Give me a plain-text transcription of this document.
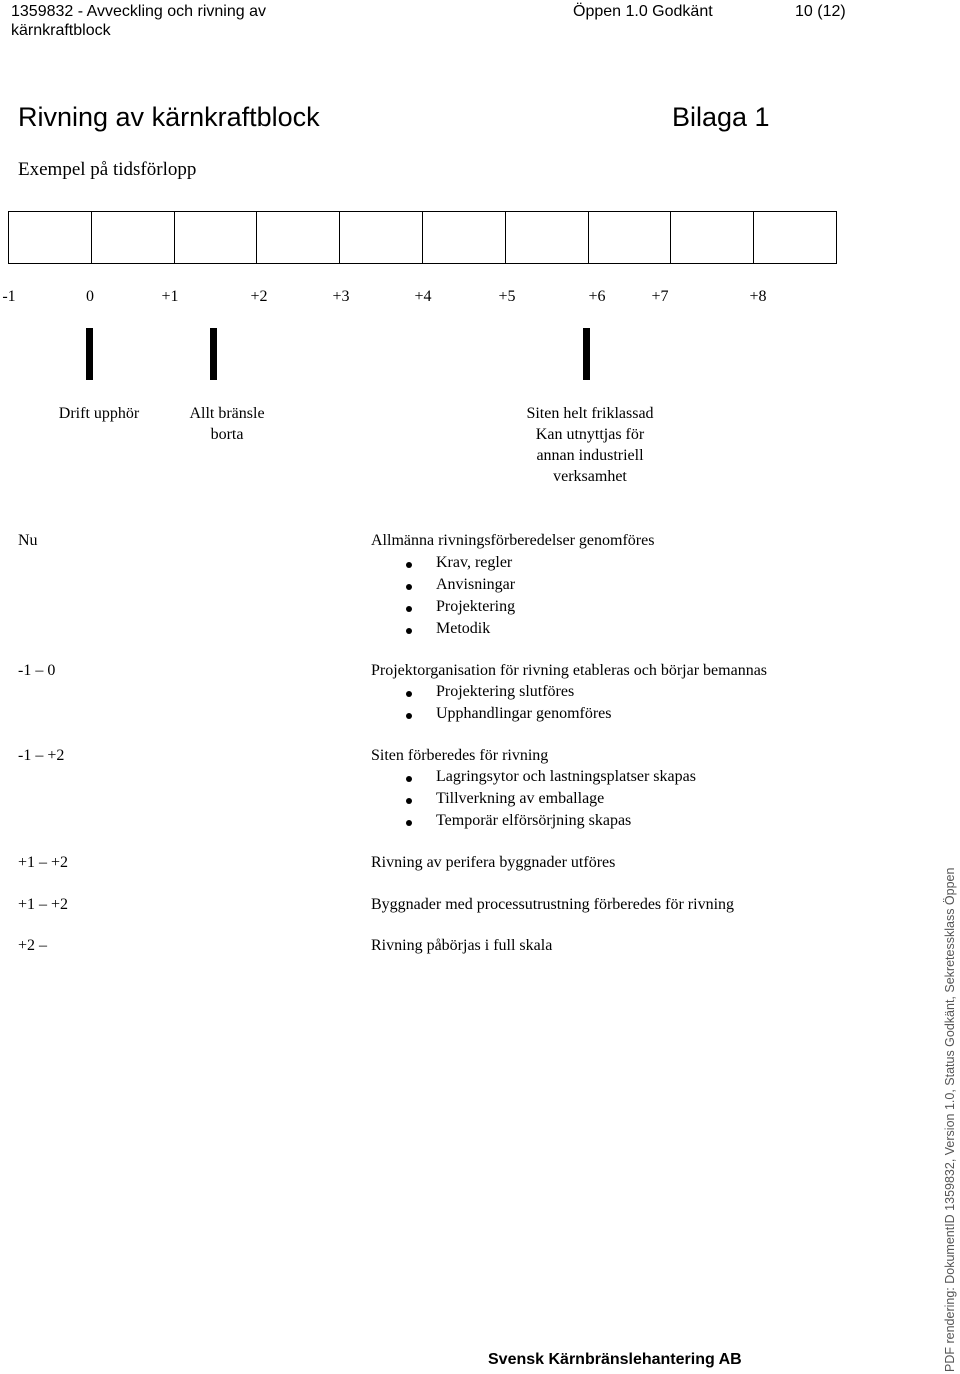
1359832 - Avveckling och rivning av
kärnkraftblock
Öppen 1.0 Godkänt	10 (12)
Rivning av kärnkraftblock	Bilaga 1
Exempel på tidsförlopp
-1	0	+1	+2	+3	+4	+5	+6	+7	+8
Drift upphör	Allt bränsle
borta
Siten helt friklassad
Kan utnyttjas för
annan industriell
verksamhet
Nu	Allmänna rivningsförberedelser genomföres
Krav, regler
Anvisningar
Projektering
Metodik
-1 – 0	Projektorganisation för rivning etableras och börjar bemannas
Projektering slutföres
Upphandlingar genomföres
-1 – +2	Siten förberedes för rivning
Lagringsytor och lastningsplatser skapas
Tillverkning av emballage
Temporär elförsörjning skapas
+1 – +2	Rivning av perifera byggnader utföres
+1 – +2	Byggnader med processutrustning förberedes för rivning
+2 –	Rivning påbörjas i full skala
Svensk Kärnbränslehantering AB	PDF rendering: DokumentID 1359832, Version 1.0, Status Godkänt, Sekretessklass Öppen
